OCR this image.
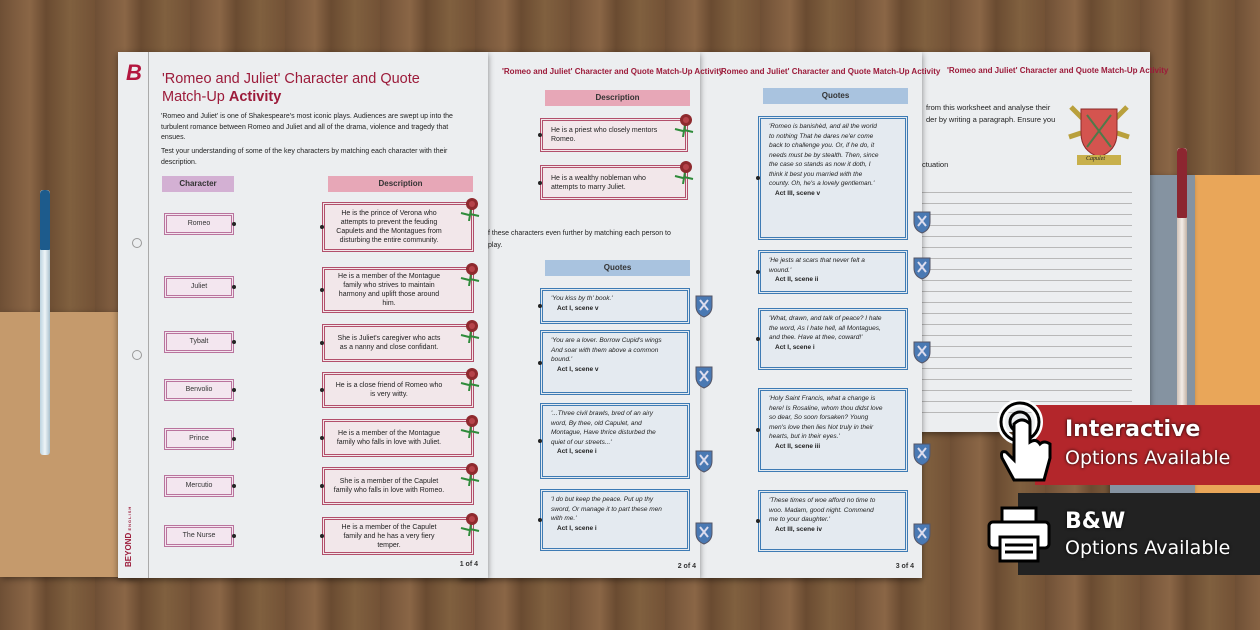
'Romeo and Juliet' Character and Quote Match-Up Activity
from this worksheet and analyse their
der by writing a paragraph. Ensure you
ctuation
Capulet
'Romeo and Juliet' Character and Quote Match-Up Activity
Quotes
3 of 4
'Romeo is banishèd, and all the world to nothing That he dares ne'er come back to challenge you. Or, if he do, it needs must be by stealth. Then, since the case so stands as now it doth, I think it best you married with the county. Oh, he's a lovely gentleman.'
Act III, scene v
'He jests at scars that never felt a wound.'
Act II, scene ii
'What, drawn, and talk of peace? I hate the word, As I hate hell, all Montagues, and thee. Have at thee, coward!'
Act I, scene i
'Holy Saint Francis, what a change is here! Is Rosaline, whom thou didst love so dear, So soon forsaken? Young men's love then lies Not truly in their hearts, but in their eyes.'
Act II, scene iii
'These times of woe afford no time to woo. Madam, good night. Commend me to your daughter.'
Act III, scene iv
'Romeo and Juliet' Character and Quote Match-Up Activity
Description
f these characters even further by matching each person to
play.
Quotes
2 of 4
He is a priest who closely mentors Romeo.
He is a wealthy nobleman who attempts to marry Juliet.
'You kiss by th' book.'
Act I, scene v
'You are a lover. Borrow Cupid's wings And soar with them above a common bound.'
Act I, scene v
'...Three civil brawls, bred of an airy word, By thee, old Capulet, and Montague, Have thrice disturbed the quiet of our streets...'
Act I, scene i
'I do but keep the peace. Put up thy sword, Or manage it to part these men with me.'
Act I, scene i
B
BEYOND ENGLISH
'Romeo and Juliet' Character and Quote
Match-Up Activity
'Romeo and Juliet' is one of Shakespeare's most iconic plays. Audiences are swept up into the turbulent romance between Romeo and Juliet and all of the drama, violence and tragedy that ensues.
Test your understanding of some of the key characters by matching each character with their description.
Character	Description
1 of 4
Romeo
Juliet
Tybalt
Benvolio
Prince
Mercutio
The Nurse
He is the prince of Verona who attempts to prevent the feuding Capulets and the Montagues from disturbing the entire community.
He is a member of the Montague family who strives to maintain harmony and uplift those around him.
She is Juliet's caregiver who acts as a nanny and close confidant.
He is a close friend of Romeo who is very witty.
He is a member of the Montague family who falls in love with Juliet.
She is a member of the Capulet family who falls in love with Romeo.
He is a member of the Capulet family and he has a very fiery temper.
Interactive
Options Available
B&W
Options Available
